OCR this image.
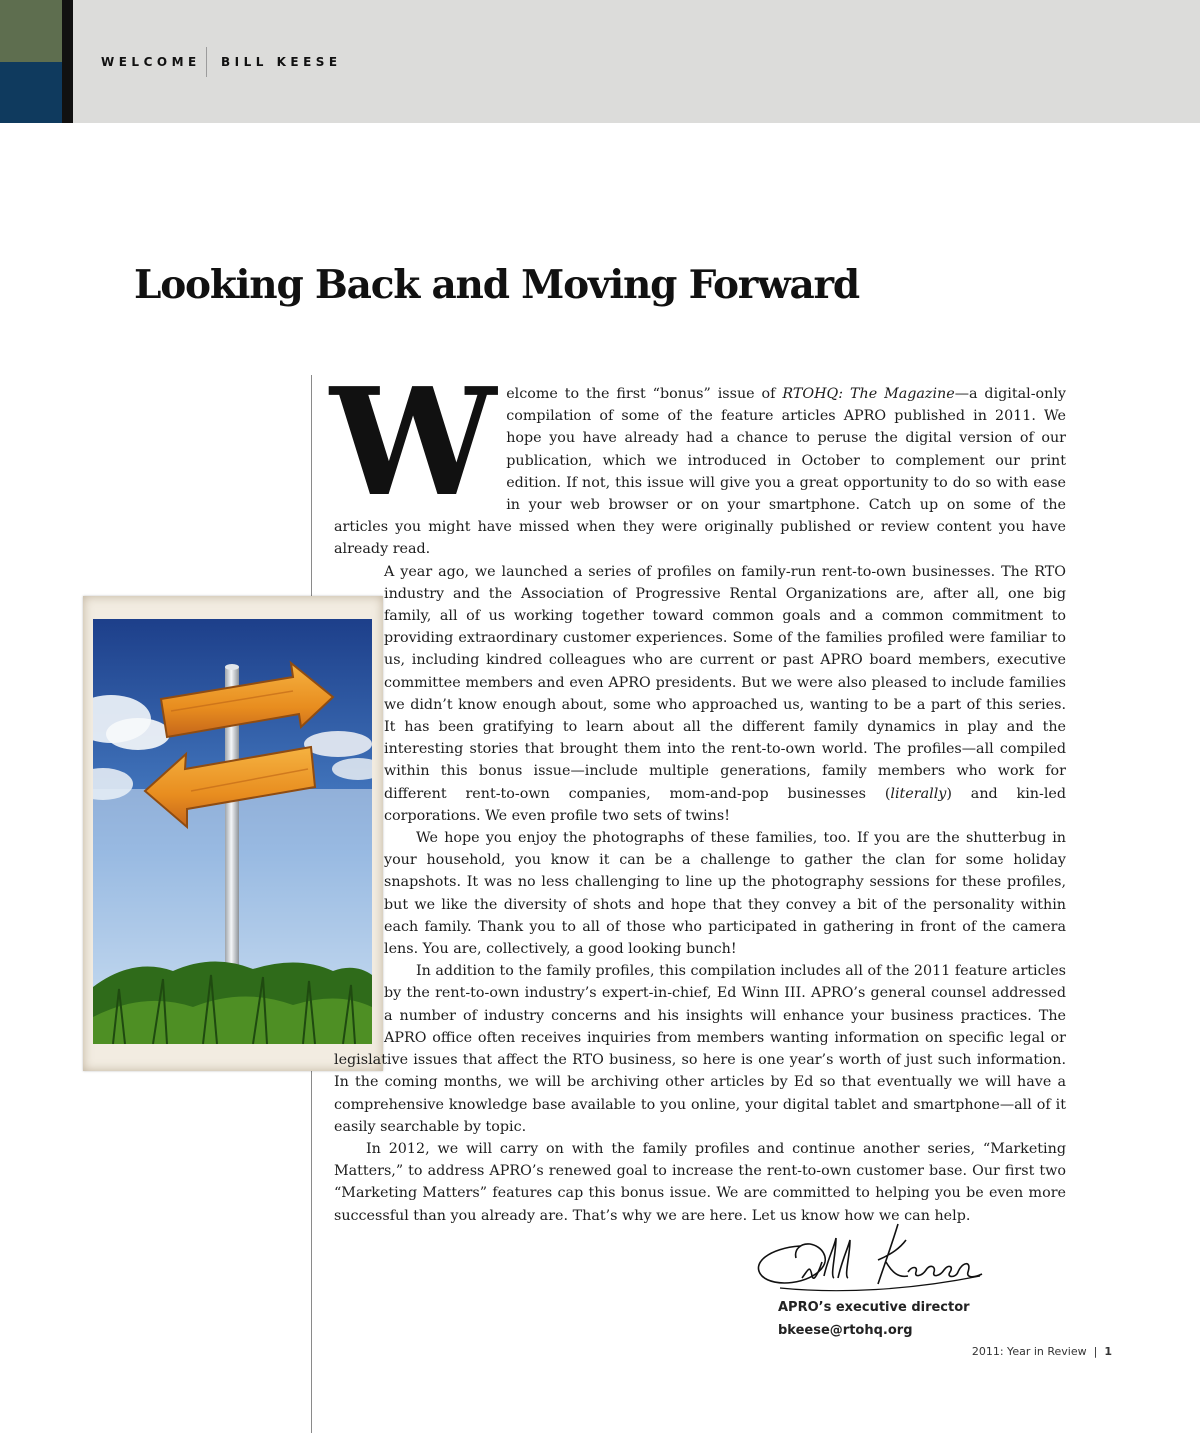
WELCOME BILL KEESE
Looking Back and Moving Forward
W elcome to the first “bonus” issue of RTOHQ: The Magazine—a digital-only compilation of some of the feature articles APRO published in 2011. We hope you have already had a chance to peruse the digital version of our publication, which we introduced in October to complement our print edition. If not, this issue will give you a great opportunity to do so with ease in your web browser or on your smartphone. Catch up on some of the articles you might have missed when they were originally published or review content you have already read.

A year ago, we launched a series of profiles on family-run rent-to-own businesses. The RTO industry and the Association of Progressive Rental Organizations are, after all, one big family, all of us working together toward common goals and a common commitment to providing extraordinary customer experiences. Some of the families profiled were familiar to us, including kindred colleagues who are current or past APRO board members, executive committee members and even APRO presidents. But we were also pleased to include families we didn’t know enough about, some who approached us, wanting to be a part of this series. It has been gratifying to learn about all the different family dynamics in play and the interesting stories that brought them into the rent-to-own world. The profiles—all compiled within this bonus issue—include multiple generations, family members who work for different rent-to-own companies, mom-and-pop businesses (literally) and kin-led corporations. We even profile two sets of twins!

We hope you enjoy the photographs of these families, too. If you are the shutterbug in your household, you know it can be a challenge to gather the clan for some holiday snapshots. It was no less challenging to line up the photography sessions for these profiles, but we like the diversity of shots and hope that they convey a bit of the personality within each family. Thank you to all of those who participated in gathering in front of the camera lens. You are, collectively, a good looking bunch!

In addition to the family profiles, this compilation includes all of the 2011 feature articles by the rent-to-own industry’s expert-in-chief, Ed Winn III. APRO’s general counsel addressed a number of industry concerns and his insights will enhance your business practices. The APRO office often receives inquiries from members wanting information on specific legal or legislative issues that affect the RTO business, so here is one year’s worth of just such information. In the coming months, we will be archiving other articles by Ed so that eventually we will have a comprehensive knowledge base available to you online, your digital tablet and smartphone—all of it easily searchable by topic.

In 2012, we will carry on with the family profiles and continue another series, “Marketing Matters,” to address APRO’s renewed goal to increase the rent-to-own customer base. Our first two “Marketing Matters” features cap this bonus issue. We are committed to helping you be even more successful than you already are. That’s why we are here. Let us know how we can help.

APRO’s executive director
bkeese@rtohq.org
2011: Year in Review | 1
